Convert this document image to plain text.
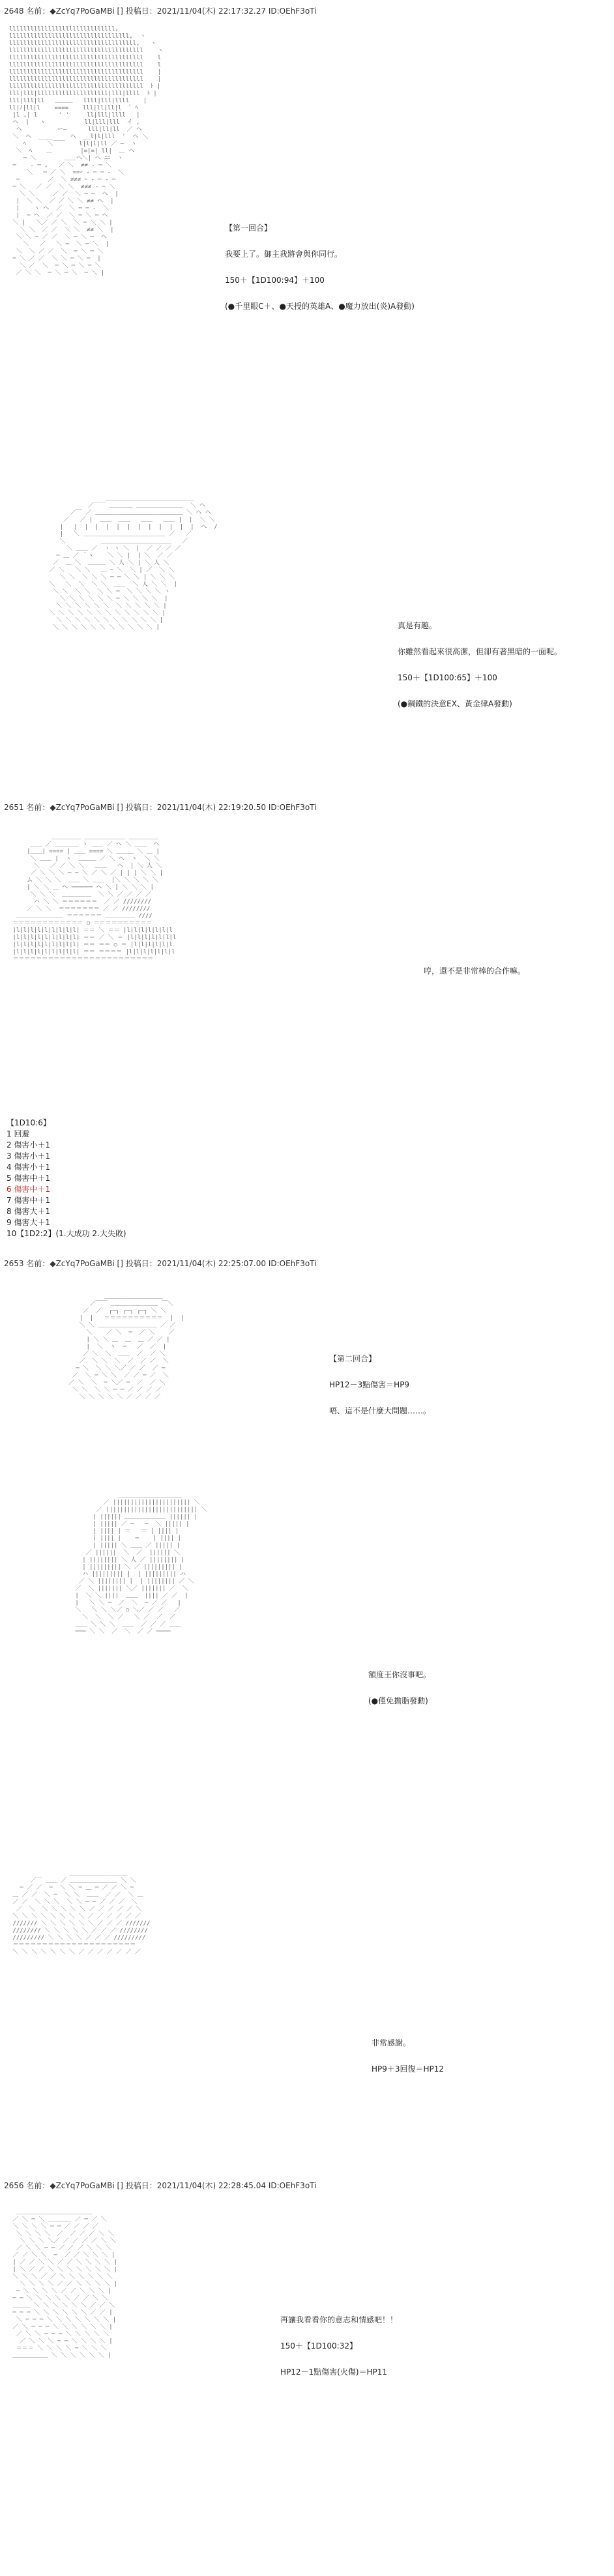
2648 名前：◆ZcYq7PoGaMBi [] 投稿日：2021/11/04(木) 22:17:32.27 ID:OEhF3oTi
llllllllllllllllllllllllllllll,
llllllllllllllllllllllllllllllllll,  ヽ
llllllllllllllllllllllllllllllllllll,   ヽ
llllllllllllllllllllllllllllllllllllll    ヽ
llllllllllllllllllllllllllllllllllllll    l
llllllllllllllllllllllllllllllllllllll    l
llllllllllllllllllllllllllllllllllllll    |
llllllllllllllllllllllllllllllllllllll    |
llllllllllllllllllllllllllllllllllllll  ﾄ |
lll|lll|llllllllllllllllllll|lll|llll  ﾄ |
lll|lll|ll   ＿＿＿   llll|lll|llll    |
ll|ﾉ|ll|l    ====    lll|ll|ll|l  ﾞ ﾍ
|l ,| l      ' '     ll|lll|llll   |
ヘ  |   ヽ           ll|lll|lll  イ ,
ヘ          ー―      lll|ll|ll  ／ ヘ
＼  ヘ  ____     ヘ  __l|l|lll  '  ヘ ＼
ﾍ      ＼￣￣    l|l|l|ll ／ ―  ヽ
＼  ﾍ    ＿        |=|=| ll|  ＿ ヘ
─ ＼        ＿＿ヘ＼| ヘ ﾆﾆ  ヽ
─    ‐ ─ ,   ／ ＼  ≠≠ ‐ ─ ＼
＼   ─ ／ ＼  ==ｰ ‐ ─ ─ ‐  ＼
─        ／  ＼ ≠≠≠ ｰ ‐ ─ ‐ ─
─ ＼   ／ ／  ＼ ＼  ≠≠≠ ‐ ─ ＼
＼ ＼     ／ ／  ＼ ─ ─  ヘ  |
|  ＼ ＼  ／ ／ ＼ ＼ ≠≠ ヘ  |
|    ヽ ヘ  ／  ＼ ─ ─ ‐  ＼
|  ─ ヘ  ／ ／  ＼ ─ ＼ ─ ヘ
＼ |   ＼／ ／ ＼  ＼ ─ ＼ ＼ |
＼ ＼  ／ ／  ＼ ＼  ≠≠ ＼  |
＼ ＼ ─ ／ ／  ＼ ─ ＼ ─  ヘ
＼   ／   ＼ ─  ＼ ─ ＼  |
＼  ＼ ／ ／  ＼  ─ ＼ ─ ＼
─ ＼ ／ ／  ＼ ＼ ─ ＼ ─  |
＼ ／  ＼  ─ ＼ ─ ＼ ─ ＼
／ ＼ ＼  ─ ＼ ─ ＼  ─ ＼ |
【第一回合】

我要上了。御主我將會與你同行。

150＋【1D100:94】＋100

(●千里眼C＋、●天授的英雄A、●魔力放出(炎)A發動)
＿＿＿＿＿＿＿＿＿＿＿＿＿＿＿
／￣￣ ＿＿＿＿ ＿＿＿＿＿＿＿＿  ＼ ヘ
／￣ ／ ＿＿＿＿＿＿＿＿＿＿＿＿＿＿＿ ＼ ヘ ヘ
／   ／ |  ＿＿  ＿＿   ＿＿   ＿＿ |  |  ＼ ＼
|   |  |  |  |  |  |  |  |  |  |  |  |  ヘ  /
|   ＼ ＿＿＿＿＿＿＿＿＿＿＿＿＿＿ ／   ／
＼          ＿＿＿＿＿＿＿＿＿＿＿＿   ／
＼ ＿＿ ／  ヽ ヽ ＼  |  ／ ／ ／ ／
─ ＿ ／ ｀ヽ    ＼ ＼ |  | ＼  ／ ／
／  ＿ ＼  ＿＿＿ ＼ 人 ＼ | ＼ 人 ＼
／ ＼   ＼ ＼   ＿ ｰ ＼  ＼ | ／  ＼ ＼
＼ ＼  ＼ ＼ ＼ ─ ─ ＼ ＼ | ＼ ＼ ＼
＼   ＼  ＼  ＼ ＼  ＿＿  ＼ 人 ＼ ＼  |
＼ ＼  ＼ ＼  ＼ ＼ ─  ＼ ＼ ＼ ＼ ヽ
＼ ＼ ＼ ＼ ＼ ＼ ─ ＼ ＼ ＼ ＼  |
＼ ＼ ＼ ＼ ＼ ＼  ＼ ＼ ＼ ＼ ＼ |
＼ ＼ ＼ ＼ ＼ ＼ ＼ ＼ ＼ ＼ ＼ ＼ |
＼ ＼ ＼ ＼ ＼ ＼ ＼ ＼ ＼ ＼ ＼ |
＼ ＼ ＼ ＼ ＼ ＼ ＼ ＼ ＼ ＼ ＼ |	真是有趣。

你雖然看起來很高潔，但卻有著黑暗的一面呢。

150＋【1D100:65】＋100

(●鋼鐵的決意EX、黃金律A發動)
2651 名前：◆ZcYq7PoGaMBi [] 投稿日：2021/11/04(木) 22:19:20.50 ID:OEhF3oTi
＿＿＿＿＿ ＿＿＿＿＿＿＿ ＿＿＿＿＿
＿＿ ／ ＿＿＿＿ ヽ ＿＿ ／ ヘ ＼ ＿＿  ヘ
|＿＿| ==== | ＿＿ ==== ＼ ＿＿＿ ＼ ＿ |
＼ ＿＿ |  ヽ  ＿＿＿ ／ ＼ ヘ  ヽ  ＼ ＼
＼   ／ ／ ＼ ＼   ＿＿   ヘ  | ＼ 人 ＼
／ ＼ ＼ ＼ ─ ─ ＼ ／ ＼ ／ | | | ＼ ＼ |
ム ＼ ＼ ＼  ＿＿ ＼ ＿＿  |＼ ＼ ＼ ＼ ＼
| ＼ ＼ ＿ ヘ ────── ヘ ＼ | ＼ ＼ ＼ |
＼ ＼ ＼  ＿＿＿＿＿  ＼ ＼ ／ ／ ／ ／
ハ ＼ ＼ ＝＝＝＝＝＝  ／ ／ ////////
／ ＼ ＼  ＝＝＝＝＝＝＝ ／ ／ ////////
＿＿＿＿＿＿＿＿ ＝＝＝＝＝＝ ＿＿＿＿＿ ////
＝＝＝＝＝＝＝＝＝＝＝＝ ○ ＝＝＝＝＝＝＝＝＝＝
|l|l|l|l|l|l|l|l|l| ＝＝ ＼ ＝＝ |l|l|l|l|l|l|l
|l|l|l|l|l|l|l|l|l| ＝＝ ／ ＼ ＝ |l|l|l|l|l|l|l
|l|l|l|l|l|l|l|l|l| ＝＝ ＝＝ ○ ＝ |l|l|l|l|l|l
|l|l|l|l|l|l|l|l|l| ＝＝ ＝＝＝＝ |l|l|l|l|l|l|l
＝＝＝＝＝＝＝＝＝＝＝＝＝＝＝＝＝＝＝＝＝＝＝＝
哼，還不是非常棒的合作嘛。
【1D10:6】
1 回避
2 傷害小＋1
3 傷害小＋1
4 傷害小＋1
5 傷害中＋1
6 傷害中＋1
7 傷害中＋1
8 傷害大＋1
9 傷害大＋1
10【1D2:2】(1.大成功 2.大失敗)
2653 名前：◆ZcYq7PoGaMBi [] 投稿日：2021/11/04(木) 22:25:07.00 ID:OEhF3oTi
＿＿＿＿＿＿＿＿＿＿
／￣￣ ＿＿＿＿＿＿＿＿ ￣＼
／  ／  ┌─┐ ┌─┐ ┌─┐ ＼ ＼
|  |   ＝＝＝＝＝＝＝＝＝＝  |  |
＼ ＼ ＿＿＿＿＿＿＿＿＿＿ ／ ／
＼    ／ ＼  ─  ／ ＼    ／
| ＼ ＼ ＿  ＿  ＿ ／ ／ |
|  ＼  ヽ  ─   ／  ／  |
／ ＼  ＼  ＿＿  ／  ／ ＼
／  ＼ ＼  ＼  ／  ／ ／  ＼
─ ＼  ＼ ＼ ＼／ ／ ／  ／ ─
／  ＼ ─ ＼ ＼  ／ ／ ─ ／  ＼
／ ＼  ＼  ─ ＼／ ─  ／  ／ ＼
＼ ＼  ＼ ＼ ─ ─ ／ ／ ／ ／
＼ ＼ ＼ ＼ ＼ ／ ／ ／ ／
【第二回合】

HP12－3點傷害＝HP9

唔、這不是什麼大問題……。
＿＿＿＿＿＿＿＿＿＿＿
／ |||||||||||||||||||||| ＼
／ |||||||||||||||||||||||||| ＼
| |||||| ＿＿＿＿＿＿＿ |||||| |
| ||||| ／ ─   ─  ＼ ||||| |
| |||| | ＝   ＝ | |||| |
| |||| |    ─    | |||| |
| ||||| ＼ ＿＿ ／ ||||| |
／ ||||||  ＼  ／  |||||| ＼
| |||||||| ＼ 人 ／ |||||||| |
| ||||||||| ＼ ／ ||||||||| |
ハ ||||||||| |  | ||||||||| ハ
／ ＼ |||||||| |  | |||||||| ／ ＼
／  ＼ ||||||| ＼／ ||||||| ／  ＼
|  ＼ ＼ ||||  ＿＿  |||| ／ ／  |
|   ＼ ＼ ─  ／  ＼  ─ ／ ／   |
＼   ＼ ＼ ＼／ ○ ＼／ ／ ／   ／
＼  ＼  ＼ ／   ＼ ／  ／  ／
＿＿ ＼ ＼ ＼  ＿＿  ／ ／ ／ ＿＿
─── ＼ ＼  ／  ＼  ／ ／ ────
額度王你沒事吧。

(●僅免擔脂發動)
＿＿＿＿＿＿＿＿＿＿
／￣ ＿＿ ／ ＿＿＿＿＿＿＿＿ ＼ ＼
─ ／ ／  ─  ＼ ＼ ─ ＿ ─ ／ ／ ＼ ─
＿ ／ ／  ＼ ─  ＼ ＼  ＿＿  ／ ／  ＼ ＿
／ ／  ＼ ＼ ＼  ＼ ＼ ─ ─ ／ ／ ／  ＼
／  ＼  ＼ ＼ ＼ ＼ ＼ ／ ／ ／ ／ ／ ＼
＼ ＼ ＼ ＼ ＼ ＼ ＼ ＼ ／ ／ ／ ／ ／ ／
/////// ＼ ＼ ＼ ＼ ＼ ＼ ／ ／ ／ ///////
//////// ＼ ＼ ＼ ＼ ＼ ／ ／ ／ ////////
///////// ＼ ＼ ＼ ＼ ／ ／ ／ /////////
＝＝＝＝＝＝＝＝＝＝＝＝＝＝＝＝＝＝＝＝＝
＼ ＼ ＼ ＼ ＼ ＼ ＼ ／ ／ ／ ／ ／ ／ ／
非常感謝。

HP9＋3回復＝HP12
2656 名前：◆ZcYq7PoGaMBi [] 投稿日：2021/11/04(木) 22:28:45.04 ID:OEhF3oTi
＿＿＿＿＿＿＿＿＿＿＿＿＿
／ ＼ ─ ＼ ＿＿＿＿ ／ ─ ／ ＼
＼ ＼ ＼ ＼ ─ ─ ／ ／ ／ ／
＼ ＼ ＼ ＼  ／  ／ ／ ／ ＼ ＼
＼ ＼ ＼ ＼／ ／ ／ ／ ／ ＼ ＼
／ ＼ ＼ ─ ─ ／ ／ ／ ＼ ＼ ＼
／ ／ ＼ ＼  ─  ／ ／ ＼ ＼ ＼ |
| ／ ／ ＼ ＼ ／ ／ ＼ ＼ ＼ ＼ |
| ＼ ／ ／ ＼ ＼ ＼ ＼ ＼ ＼ ＼ |
＼ ＼ ＼ ／ ／ ＼ ＼ ＼ ＼ ＼ ＼
＼ ＼ ＼ ＼ ／ ／ ＼ ＼ ＼ ＼ |
─ ＼ ＼ ＼ ＼ ／ ／ ＼ ＼ ＼ |
─ ─ ＼ ＼ ＼ ＼ ＼ ／ ／ ＼ ＼
＿＿＿ ＼ ＼ ＼ ＼ ＼ ＼ ／ ／ ＼
─ ─ ─ ＼ ＼ ＼ ＼ ＼ ＼ ／ ／ |
＼ ─ ─ ─ ＼ ＼ ＼ ＼ ＼ ＼ ＼ |
／ ＼ ─ ─ ─ ＼ ＼ ＼ ＼ ＼ ＼ |
／ ＼ ＼ ─ ─ ─ ＼ ＼ ＼ ＼ ＼
／ ＼ ＼ ＼ ─ ─ ＼ ＼ ＼ ＼ |
＝＝＝ ＼ ＼ ＼ ＼ ─ ＼ ＼ ＼
＿＿＿＿＿＿ ＼ ＼ ＼ ＼ ＼ ＼ |
再讓我看看你的意志和情感吧！！

150＋【1D100:32】

HP12－1點傷害(火傷)＝HP11
